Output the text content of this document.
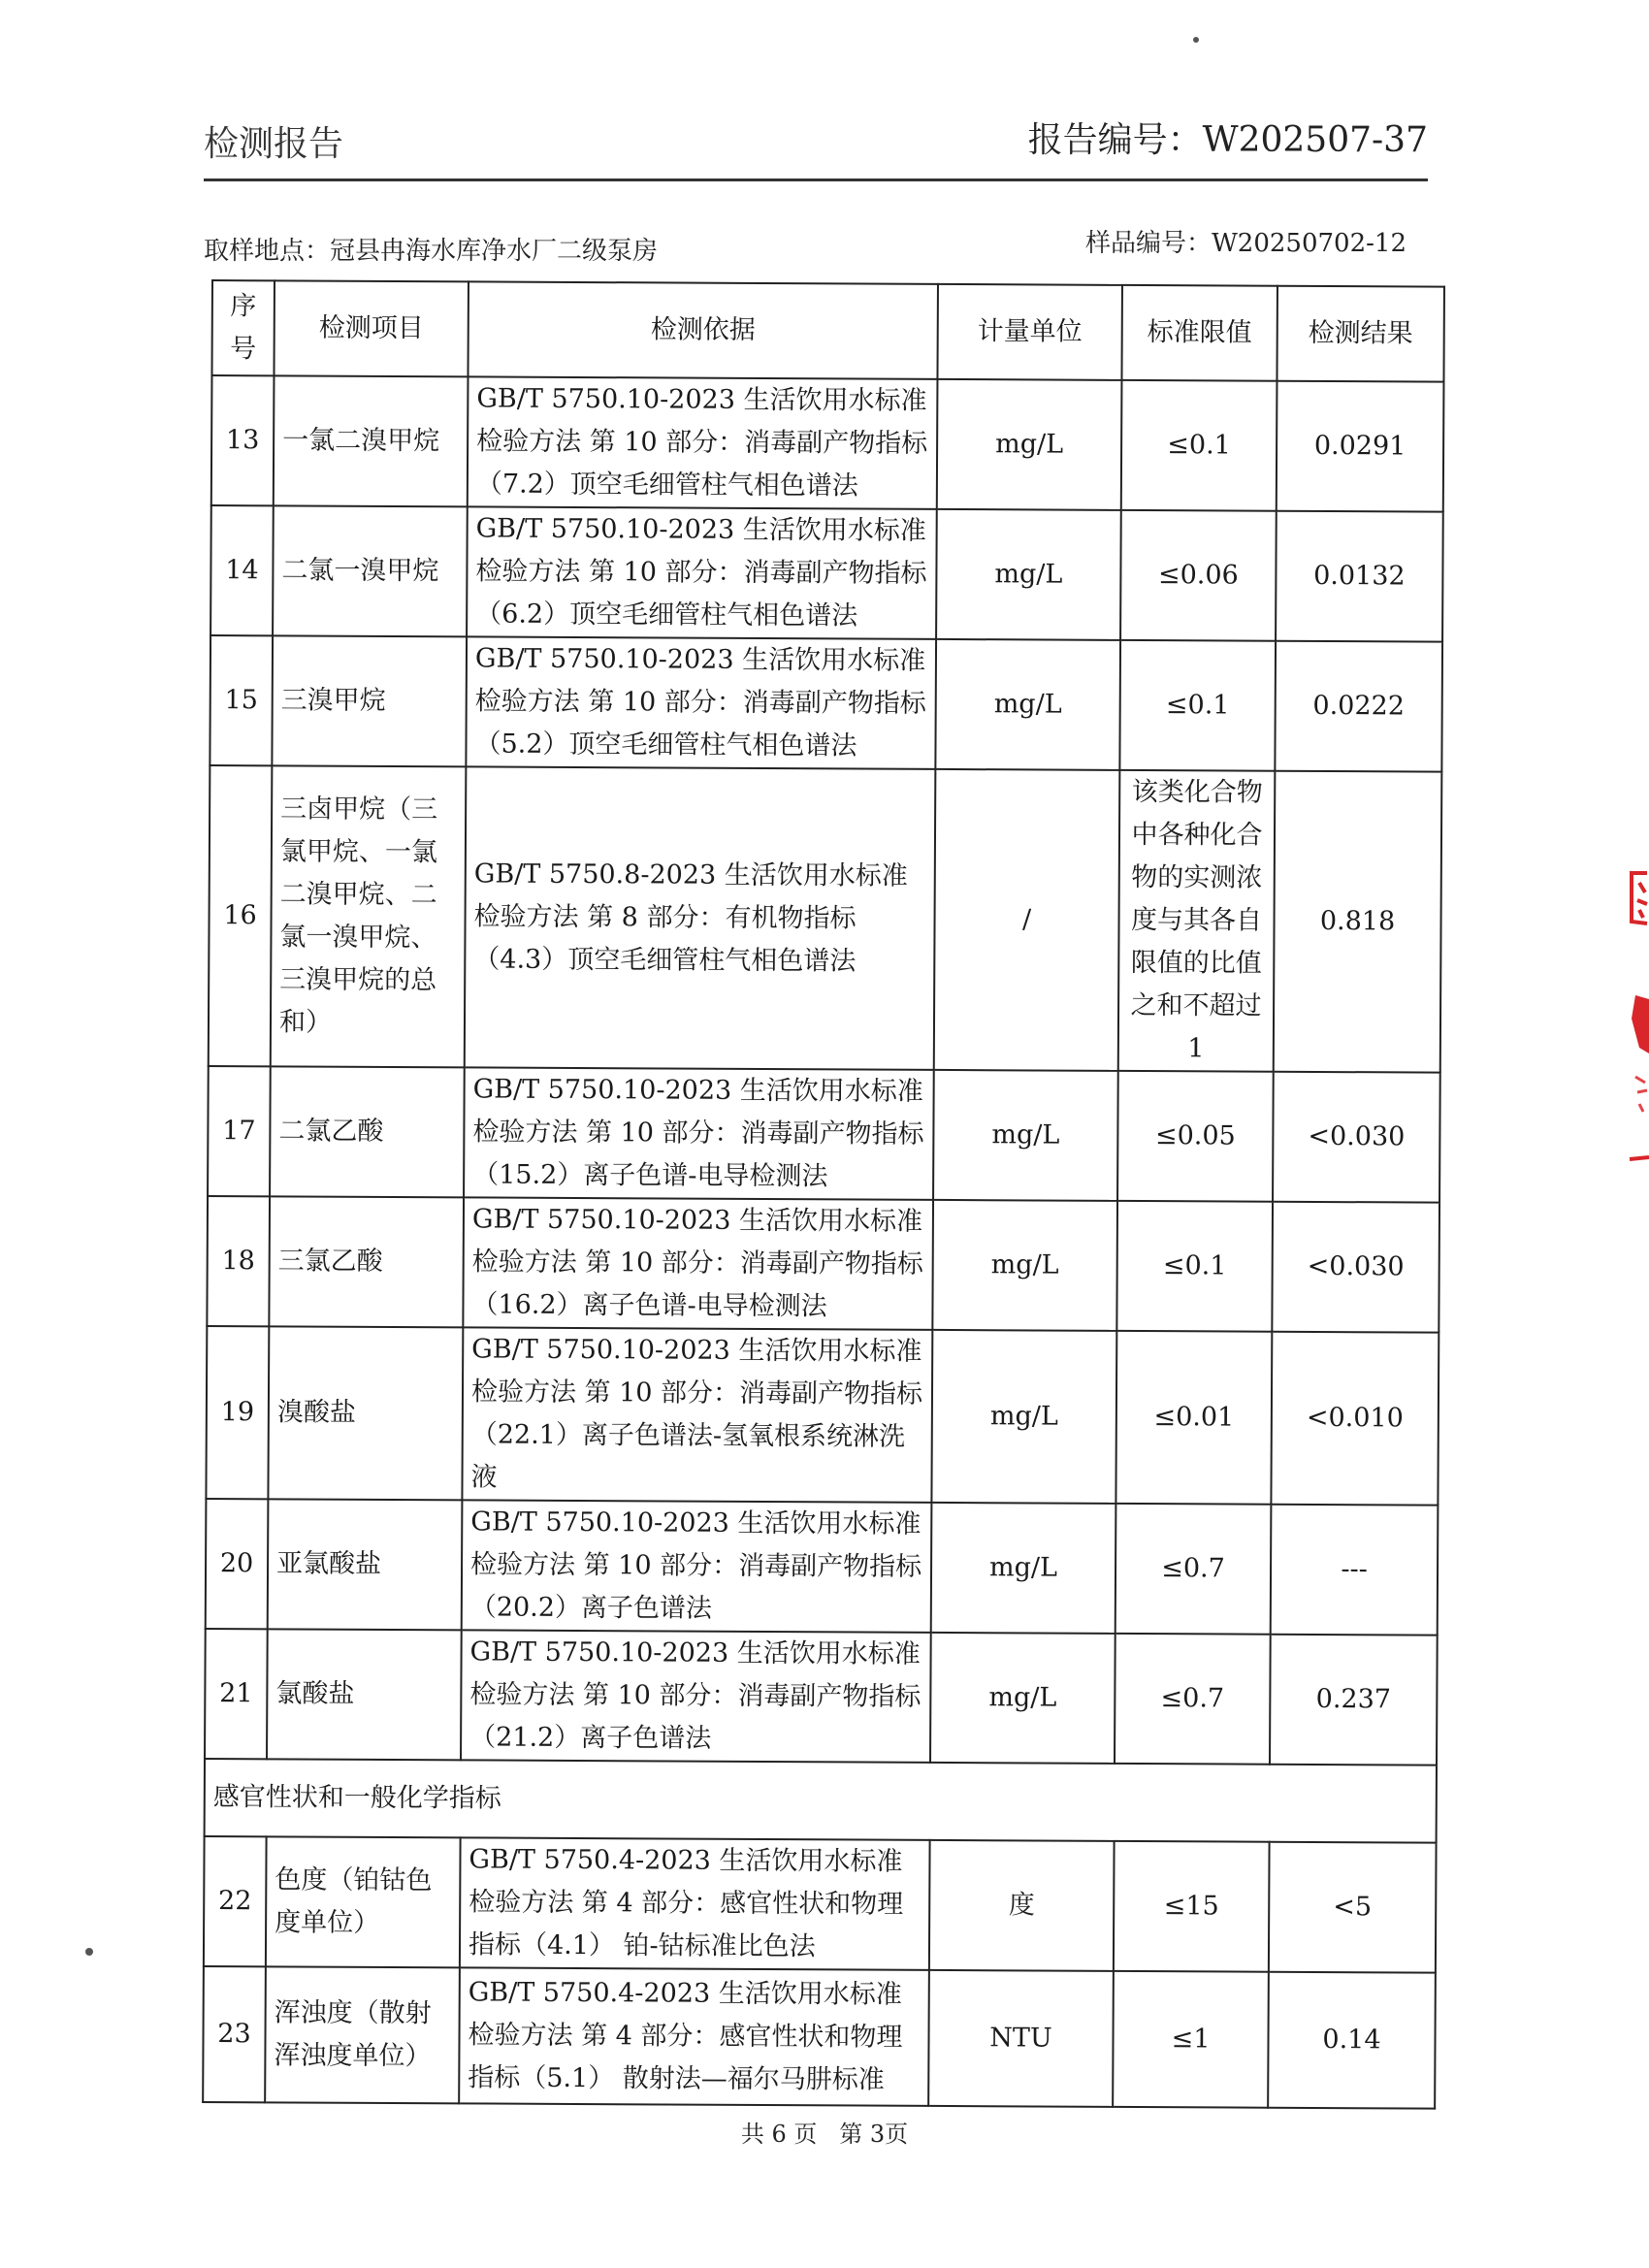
检测报告	报告编号：W202507-37
取样地点：冠县冉海水库净水厂二级泵房	样品编号：W20250702-12
序号	检测项目	检测依据	计量单位	标准限值	检测结果
13	一氯二溴甲烷	GB/T 5750.10-2023 生活饮用水标准检验方法 第 10 部分：消毒副产物指标（7.2）顶空毛细管柱气相色谱法	mg/L	≤0.1	0.0291
14	二氯一溴甲烷	GB/T 5750.10-2023 生活饮用水标准检验方法 第 10 部分：消毒副产物指标（6.2）顶空毛细管柱气相色谱法	mg/L	≤0.06	0.0132
15	三溴甲烷	GB/T 5750.10-2023 生活饮用水标准检验方法 第 10 部分：消毒副产物指标（5.2）顶空毛细管柱气相色谱法	mg/L	≤0.1	0.0222
16	三卤甲烷（三氯甲烷、一氯二溴甲烷、二氯一溴甲烷、三溴甲烷的总和）	GB/T 5750.8-2023 生活饮用水标准检验方法 第 8 部分：有机物指标（4.3）顶空毛细管柱气相色谱法	/	该类化合物中各种化合物的实测浓度与其各自限值的比值之和不超过1	0.818
17	二氯乙酸	GB/T 5750.10-2023 生活饮用水标准检验方法 第 10 部分：消毒副产物指标（15.2）离子色谱-电导检测法	mg/L	≤0.05	<0.030
18	三氯乙酸	GB/T 5750.10-2023 生活饮用水标准检验方法 第 10 部分：消毒副产物指标（16.2）离子色谱-电导检测法	mg/L	≤0.1	<0.030
19	溴酸盐	GB/T 5750.10-2023 生活饮用水标准检验方法 第 10 部分：消毒副产物指标（22.1）离子色谱法-氢氧根系统淋洗液	mg/L	≤0.01	<0.010
20	亚氯酸盐	GB/T 5750.10-2023 生活饮用水标准检验方法 第 10 部分：消毒副产物指标（20.2）离子色谱法	mg/L	≤0.7	---
21	氯酸盐	GB/T 5750.10-2023 生活饮用水标准检验方法 第 10 部分：消毒副产物指标（21.2）离子色谱法	mg/L	≤0.7	0.237
感官性状和一般化学指标					
22	色度（铂钴色度单位）	GB/T 5750.4-2023 生活饮用水标准检验方法 第 4 部分：感官性状和物理指标（4.1） 铂-钴标准比色法	度	≤15	<5
23	浑浊度（散射浑浊度单位）	GB/T 5750.4-2023 生活饮用水标准检验方法 第 4 部分：感官性状和物理指标（5.1） 散射法—福尔马肼标准	NTU	≤1	0.14
共 6 页 第 3页
